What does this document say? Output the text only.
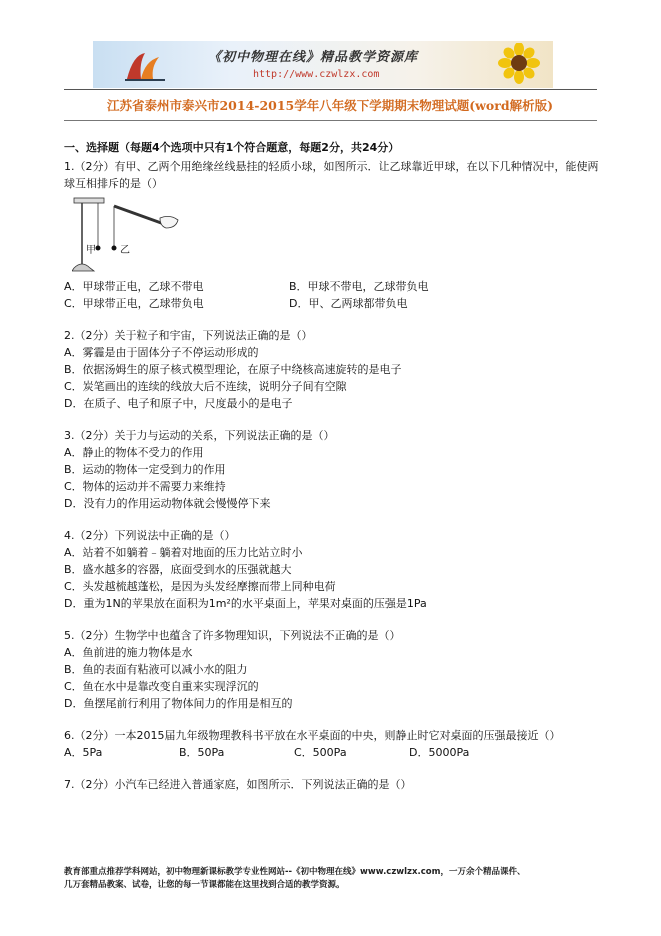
《初中物理在线》精品教学资源库
http://www.czwlzx.com
江苏省泰州市泰兴市2014-2015学年八年级下学期期末物理试题(word解析版)
一、选择题（每题4个选项中只有1个符合题意，每题2分，共24分）
1.（2分）有甲、乙两个用绝缘丝线悬挂的轻质小球，如图所示．让乙球靠近甲球，在以下几种情况中，能使两球互相排斥的是（）
甲 乙
A．甲球带正电，乙球不带电	B．甲球不带电，乙球带负电
C．甲球带正电，乙球带负电	D．甲、乙两球都带负电
2.（2分）关于粒子和宇宙，下列说法正确的是（）
A．雾霾是由于固体分子不停运动形成的
B．依据汤姆生的原子核式模型理论，在原子中绕核高速旋转的是电子
C．炭笔画出的连续的线放大后不连续，说明分子间有空隙
D．在质子、电子和原子中，尺度最小的是电子
3.（2分）关于力与运动的关系，下列说法正确的是（）
A．静止的物体不受力的作用
B．运动的物体一定受到力的作用
C．物体的运动并不需要力来维持
D．没有力的作用运动物体就会慢慢停下来
4.（2分）下列说法中正确的是（）
A．站着不如躺着﹣躺着对地面的压力比站立时小
B．盛水越多的容器，底面受到水的压强就越大
C．头发越梳越蓬松，是因为头发经摩擦而带上同种电荷
D．重为1N的苹果放在面积为1m²的水平桌面上，苹果对桌面的压强是1Pa
5.（2分）生物学中也蕴含了许多物理知识，下列说法不正确的是（）
A．鱼前进的施力物体是水
B．鱼的表面有粘液可以减小水的阻力
C．鱼在水中是靠改变自重来实现浮沉的
D．鱼摆尾前行利用了物体间力的作用是相互的
6.（2分）一本2015届九年级物理教科书平放在水平桌面的中央，则静止时它对桌面的压强最接近（）
A．5Pa	B．50Pa	C．500Pa	D．5000Pa
7.（2分）小汽车已经进入普通家庭，如图所示．下列说法正确的是（）
教育部重点推荐学科网站，初中物理新课标教学专业性网站--《初中物理在线》www.czwlzx.com，一万余个精品课件、
几万套精品教案、试卷，让您的每一节课都能在这里找到合适的教学资源。
